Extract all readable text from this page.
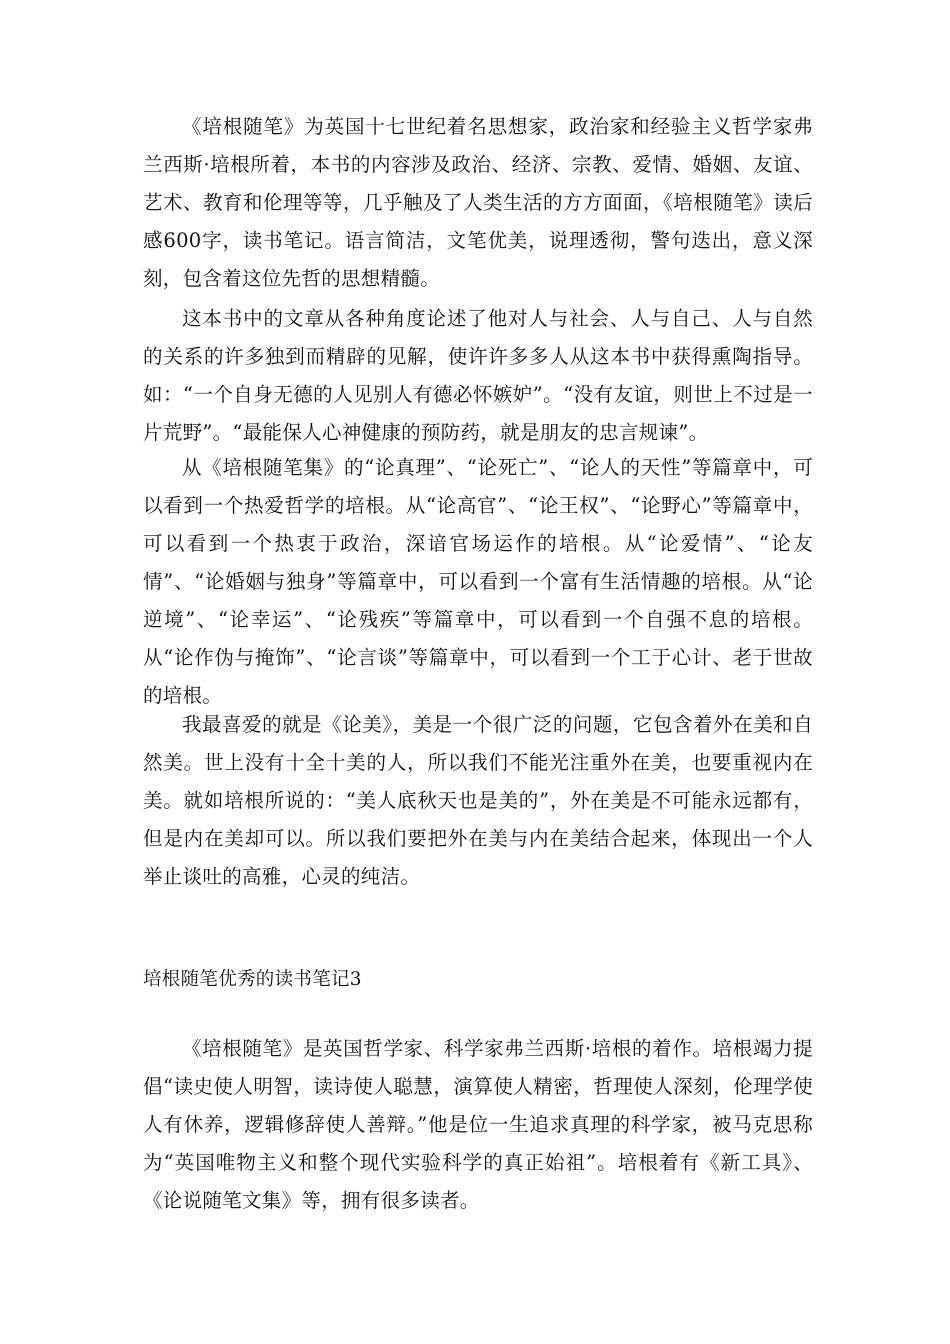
《培根随笔》为英国十七世纪着名思想家，政治家和经验主义哲学家弗兰西斯·培根所着，本书的内容涉及政治、经济、宗教、爱情、婚姻、友谊、艺术、教育和伦理等等，几乎触及了人类生活的方方面面，《培根随笔》读后感600字，读书笔记。语言简洁，文笔优美，说理透彻，警句迭出，意义深刻，包含着这位先哲的思想精髓。

这本书中的文章从各种角度论述了他对人与社会、人与自己、人与自然的关系的许多独到而精辟的见解，使许许多多人从这本书中获得熏陶指导。如：“一个自身无德的人见别人有德必怀嫉妒”。“没有友谊，则世上不过是一片荒野”。“最能保人心神健康的预防药，就是朋友的忠言规谏”。

从《培根随笔集》的“论真理”、“论死亡”、“论人的天性”等篇章中，可以看到一个热爱哲学的培根。从“论高官”、“论王权”、“论野心”等篇章中，可以看到一个热衷于政治，深谙官场运作的培根。从“论爱情”、“论友情”、“论婚姻与独身”等篇章中，可以看到一个富有生活情趣的培根。从“论逆境”、“论幸运”、“论残疾”等篇章中，可以看到一个自强不息的培根。从“论作伪与掩饰”、“论言谈”等篇章中，可以看到一个工于心计、老于世故的培根。

我最喜爱的就是《论美》，美是一个很广泛的问题，它包含着外在美和自然美。世上没有十全十美的人，所以我们不能光注重外在美，也要重视内在美。就如培根所说的：“美人底秋天也是美的”，外在美是不可能永远都有，但是内在美却可以。所以我们要把外在美与内在美结合起来，体现出一个人举止谈吐的高雅，心灵的纯洁。

培根随笔优秀的读书笔记3

《培根随笔》是英国哲学家、科学家弗兰西斯·培根的着作。培根竭力提倡“读史使人明智，读诗使人聪慧，演算使人精密，哲理使人深刻，伦理学使人有休养，逻辑修辞使人善辩。”他是位一生追求真理的科学家，被马克思称为“英国唯物主义和整个现代实验科学的真正始祖”。培根着有《新工具》、《论说随笔文集》等，拥有很多读者。
